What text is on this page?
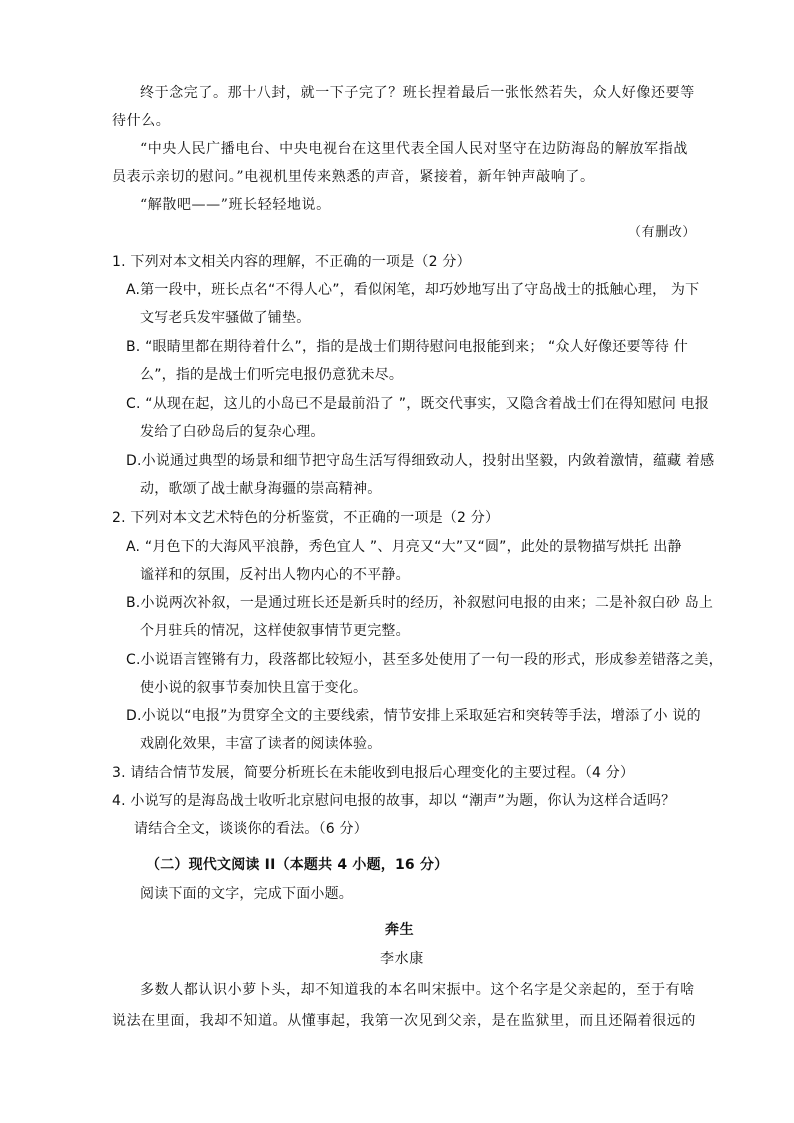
终于念完了。那十八封，就一下子完了？班长捏着最后一张怅然若失，众人好像还要等
待什么。
“中央人民广播电台、中央电视台在这里代表全国人民对坚守在边防海岛的解放军指战
员表示亲切的慰问。”电视机里传来熟悉的声音，紧接着，新年钟声敲响了。
“解散吧——”班长轻轻地说。
（有删改）
1. 下列对本文相关内容的理解，不正确的一项是（2 分）
A.第一段中，班长点名“不得人心”，看似闲笔，却巧妙地写出了守岛战士的抵触心理， 为下
文写老兵发牢骚做了铺垫。
B. “眼睛里都在期待着什么”，指的是战士们期待慰问电报能到来； “众人好像还要等待 什
么”，指的是战士们听完电报仍意犹未尽。
C. “从现在起，这儿的小岛已不是最前沿了 ”，既交代事实，又隐含着战士们在得知慰问 电报
发给了白砂岛后的复杂心理。
D.小说通过典型的场景和细节把守岛生活写得细致动人，投射出坚毅，内敛着激情，蕴藏 着感
动，歌颂了战士献身海疆的崇高精神。
2. 下列对本文艺术特色的分析鉴赏，不正确的一项是（2 分）
A. “月色下的大海风平浪静，秀色宜人 ”、月亮又“大”又“圆”，此处的景物描写烘托 出静
谧祥和的氛围，反衬出人物内心的不平静。
B.小说两次补叙，一是通过班长还是新兵时的经历，补叙慰问电报的由来；二是补叙白砂 岛上
个月驻兵的情况，这样使叙事情节更完整。
C.小说语言铿锵有力，段落都比较短小，甚至多处使用了一句一段的形式，形成参差错落之美，
使小说的叙事节奏加快且富于变化。
D.小说以“电报”为贯穿全文的主要线索，情节安排上采取延宕和突转等手法，增添了小 说的
戏剧化效果，丰富了读者的阅读体验。
3. 请结合情节发展，简要分析班长在未能收到电报后心理变化的主要过程。（4 分）
4. 小说写的是海岛战士收听北京慰问电报的故事，却以 “潮声”为题，你认为这样合适吗？
请结合全文，谈谈你的看法。（6 分）
（二）现代文阅读 II（本题共 4 小题，16 分）
阅读下面的文字，完成下面小题。
奔生
李水康
多数人都认识小萝卜头，却不知道我的本名叫宋振中。这个名字是父亲起的，至于有啥
说法在里面，我却不知道。从懂事起，我第一次见到父亲，是在监狱里，而且还隔着很远的
